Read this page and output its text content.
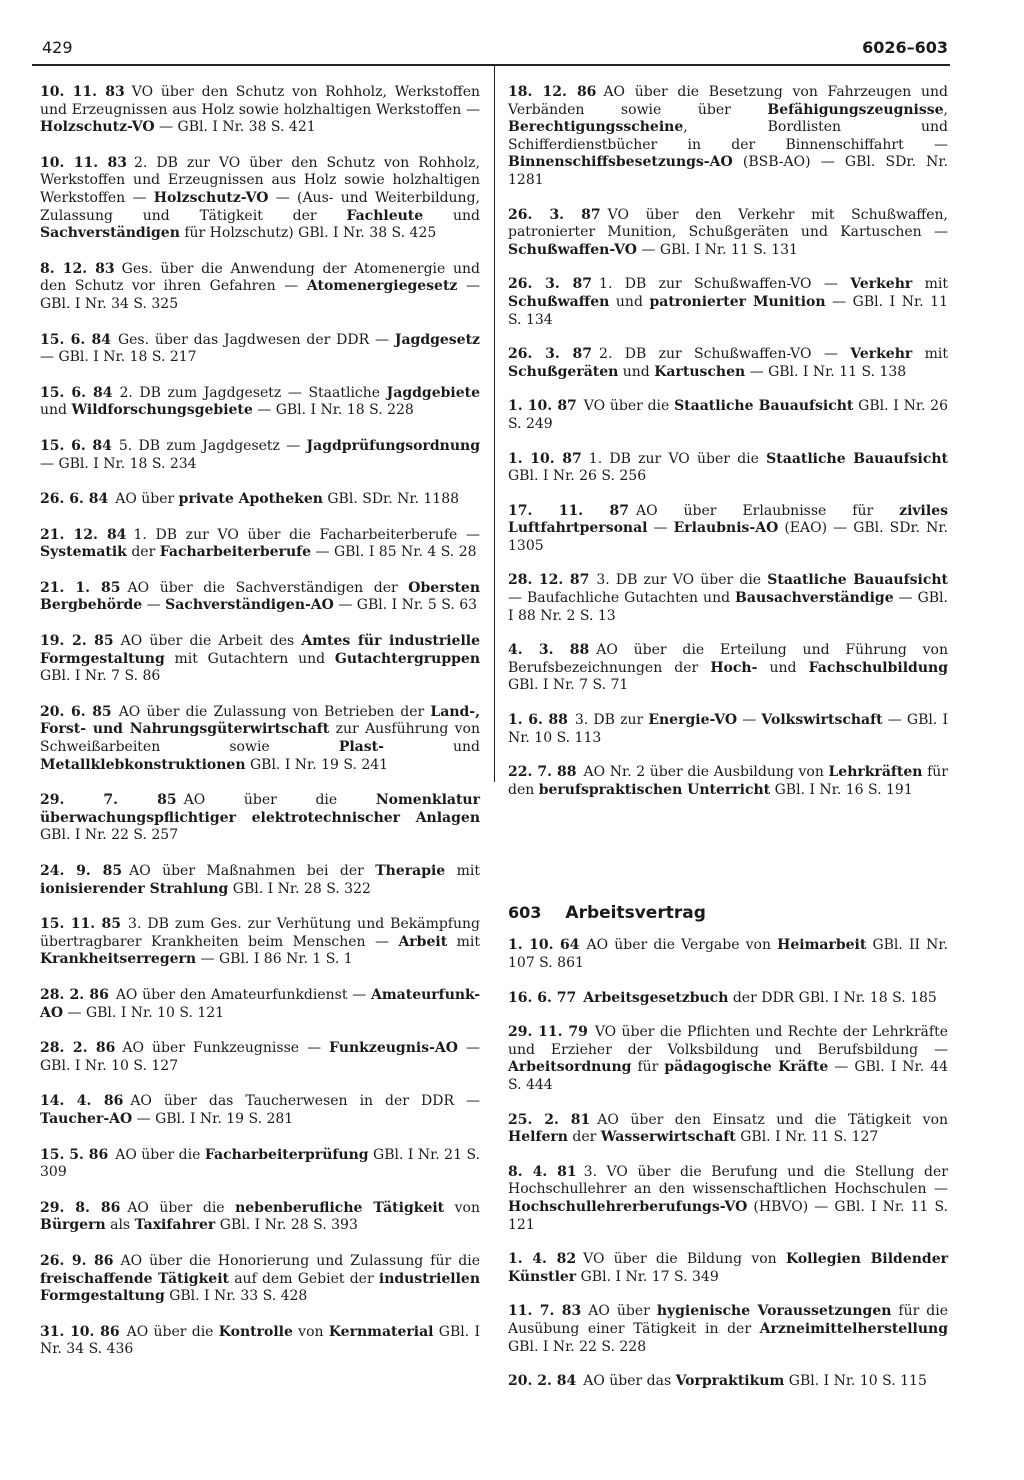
429	6026–603

10. 11. 83 VO über den Schutz von Rohholz, Werkstoffen und Erzeugnissen aus Holz sowie holzhaltigen Werkstoffen — Holzschutz-VO — GBl. I Nr. 38 S. 421

10. 11. 83 2. DB zur VO über den Schutz von Rohholz, Werkstoffen und Erzeugnissen aus Holz sowie holzhaltigen Werkstoffen — Holzschutz-VO — (Aus- und Weiterbildung, Zulassung und Tätigkeit der Fachleute und Sachverständigen für Holzschutz) GBl. I Nr. 38 S. 425

8. 12. 83 Ges. über die Anwendung der Atomenergie und den Schutz vor ihren Gefahren — Atomenergiegesetz — GBl. I Nr. 34 S. 325

15. 6. 84 Ges. über das Jagdwesen der DDR — Jagdgesetz — GBl. I Nr. 18 S. 217

15. 6. 84 2. DB zum Jagdgesetz — Staatliche Jagdgebiete und Wildforschungsgebiete — GBl. I Nr. 18 S. 228

15. 6. 84 5. DB zum Jagdgesetz — Jagdprüfungsordnung — GBl. I Nr. 18 S. 234

26. 6. 84 AO über private Apotheken GBl. SDr. Nr. 1188

21. 12. 84 1. DB zur VO über die Facharbeiterberufe — Systematik der Facharbeiterberufe — GBl. I 85 Nr. 4 S. 28

21. 1. 85 AO über die Sachverständigen der Obersten Bergbehörde — Sachverständigen-AO — GBl. I Nr. 5 S. 63

19. 2. 85 AO über die Arbeit des Amtes für industrielle Formgestaltung mit Gutachtern und Gutachtergruppen GBl. I Nr. 7 S. 86

20. 6. 85 AO über die Zulassung von Betrieben der Land-, Forst- und Nahrungsgüterwirtschaft zur Ausführung von Schweißarbeiten sowie Plast- und Metallklebkonstruktionen GBl. I Nr. 19 S. 241

29. 7. 85 AO über die Nomenklatur überwachungspflichtiger elektrotechnischer Anlagen GBl. I Nr. 22 S. 257

24. 9. 85 AO über Maßnahmen bei der Therapie mit ionisierender Strahlung GBl. I Nr. 28 S. 322

15. 11. 85 3. DB zum Ges. zur Verhütung und Bekämpfung übertragbarer Krankheiten beim Menschen — Arbeit mit Krankheitserregern — GBl. I 86 Nr. 1 S. 1

28. 2. 86 AO über den Amateurfunkdienst — Amateurfunk-AO — GBl. I Nr. 10 S. 121

28. 2. 86 AO über Funkzeugnisse — Funkzeugnis-AO — GBl. I Nr. 10 S. 127

14. 4. 86 AO über das Taucherwesen in der DDR — Taucher-AO — GBl. I Nr. 19 S. 281

15. 5. 86 AO über die Facharbeiterprüfung GBl. I Nr. 21 S. 309

29. 8. 86 AO über die nebenberufliche Tätigkeit von Bürgern als Taxifahrer GBl. I Nr. 28 S. 393

26. 9. 86 AO über die Honorierung und Zulassung für die freischaffende Tätigkeit auf dem Gebiet der industriellen Formgestaltung GBl. I Nr. 33 S. 428

31. 10. 86 AO über die Kontrolle von Kernmaterial GBl. I Nr. 34 S. 436

18. 12. 86 AO über die Besetzung von Fahrzeugen und Verbänden sowie über Befähigungszeugnisse, Berechtigungsscheine, Bordlisten und Schifferdienstbücher in der Binnenschiffahrt — Binnenschiffsbesetzungs-AO (BSB-AO) — GBl. SDr. Nr. 1281

26. 3. 87 VO über den Verkehr mit Schußwaffen, patronierter Munition, Schußgeräten und Kartuschen — Schußwaffen-VO — GBl. I Nr. 11 S. 131

26. 3. 87 1. DB zur Schußwaffen-VO — Verkehr mit Schußwaffen und patronierter Munition — GBl. I Nr. 11 S. 134

26. 3. 87 2. DB zur Schußwaffen-VO — Verkehr mit Schußgeräten und Kartuschen — GBl. I Nr. 11 S. 138

1. 10. 87 VO über die Staatliche Bauaufsicht GBl. I Nr. 26 S. 249

1. 10. 87 1. DB zur VO über die Staatliche Bauaufsicht GBl. I Nr. 26 S. 256

17. 11. 87 AO über Erlaubnisse für ziviles Luftfahrtpersonal — Erlaubnis-AO (EAO) — GBl. SDr. Nr. 1305

28. 12. 87 3. DB zur VO über die Staatliche Bauaufsicht — Baufachliche Gutachten und Bausachverständige — GBl. I 88 Nr. 2 S. 13

4. 3. 88 AO über die Erteilung und Führung von Berufsbezeichnungen der Hoch- und Fachschulbildung GBl. I Nr. 7 S. 71

1. 6. 88 3. DB zur Energie-VO — Volkswirtschaft — GBl. I Nr. 10 S. 113

22. 7. 88 AO Nr. 2 über die Ausbildung von Lehrkräften für den berufspraktischen Unterricht GBl. I Nr. 16 S. 191

603 Arbeitsvertrag

1. 10. 64 AO über die Vergabe von Heimarbeit GBl. II Nr. 107 S. 861

16. 6. 77 Arbeitsgesetzbuch der DDR GBl. I Nr. 18 S. 185

29. 11. 79 VO über die Pflichten und Rechte der Lehrkräfte und Erzieher der Volksbildung und Berufsbildung — Arbeitsordnung für pädagogische Kräfte — GBl. I Nr. 44 S. 444

25. 2. 81 AO über den Einsatz und die Tätigkeit von Helfern der Wasserwirtschaft GBl. I Nr. 11 S. 127

8. 4. 81 3. VO über die Berufung und die Stellung der Hochschullehrer an den wissenschaftlichen Hochschulen — Hochschullehrerberufungs-VO (HBVO) — GBl. I Nr. 11 S. 121

1. 4. 82 VO über die Bildung von Kollegien Bildender Künstler GBl. I Nr. 17 S. 349

11. 7. 83 AO über hygienische Voraussetzungen für die Ausübung einer Tätigkeit in der Arzneimittelherstellung GBl. I Nr. 22 S. 228

20. 2. 84 AO über das Vorpraktikum GBl. I Nr. 10 S. 115
